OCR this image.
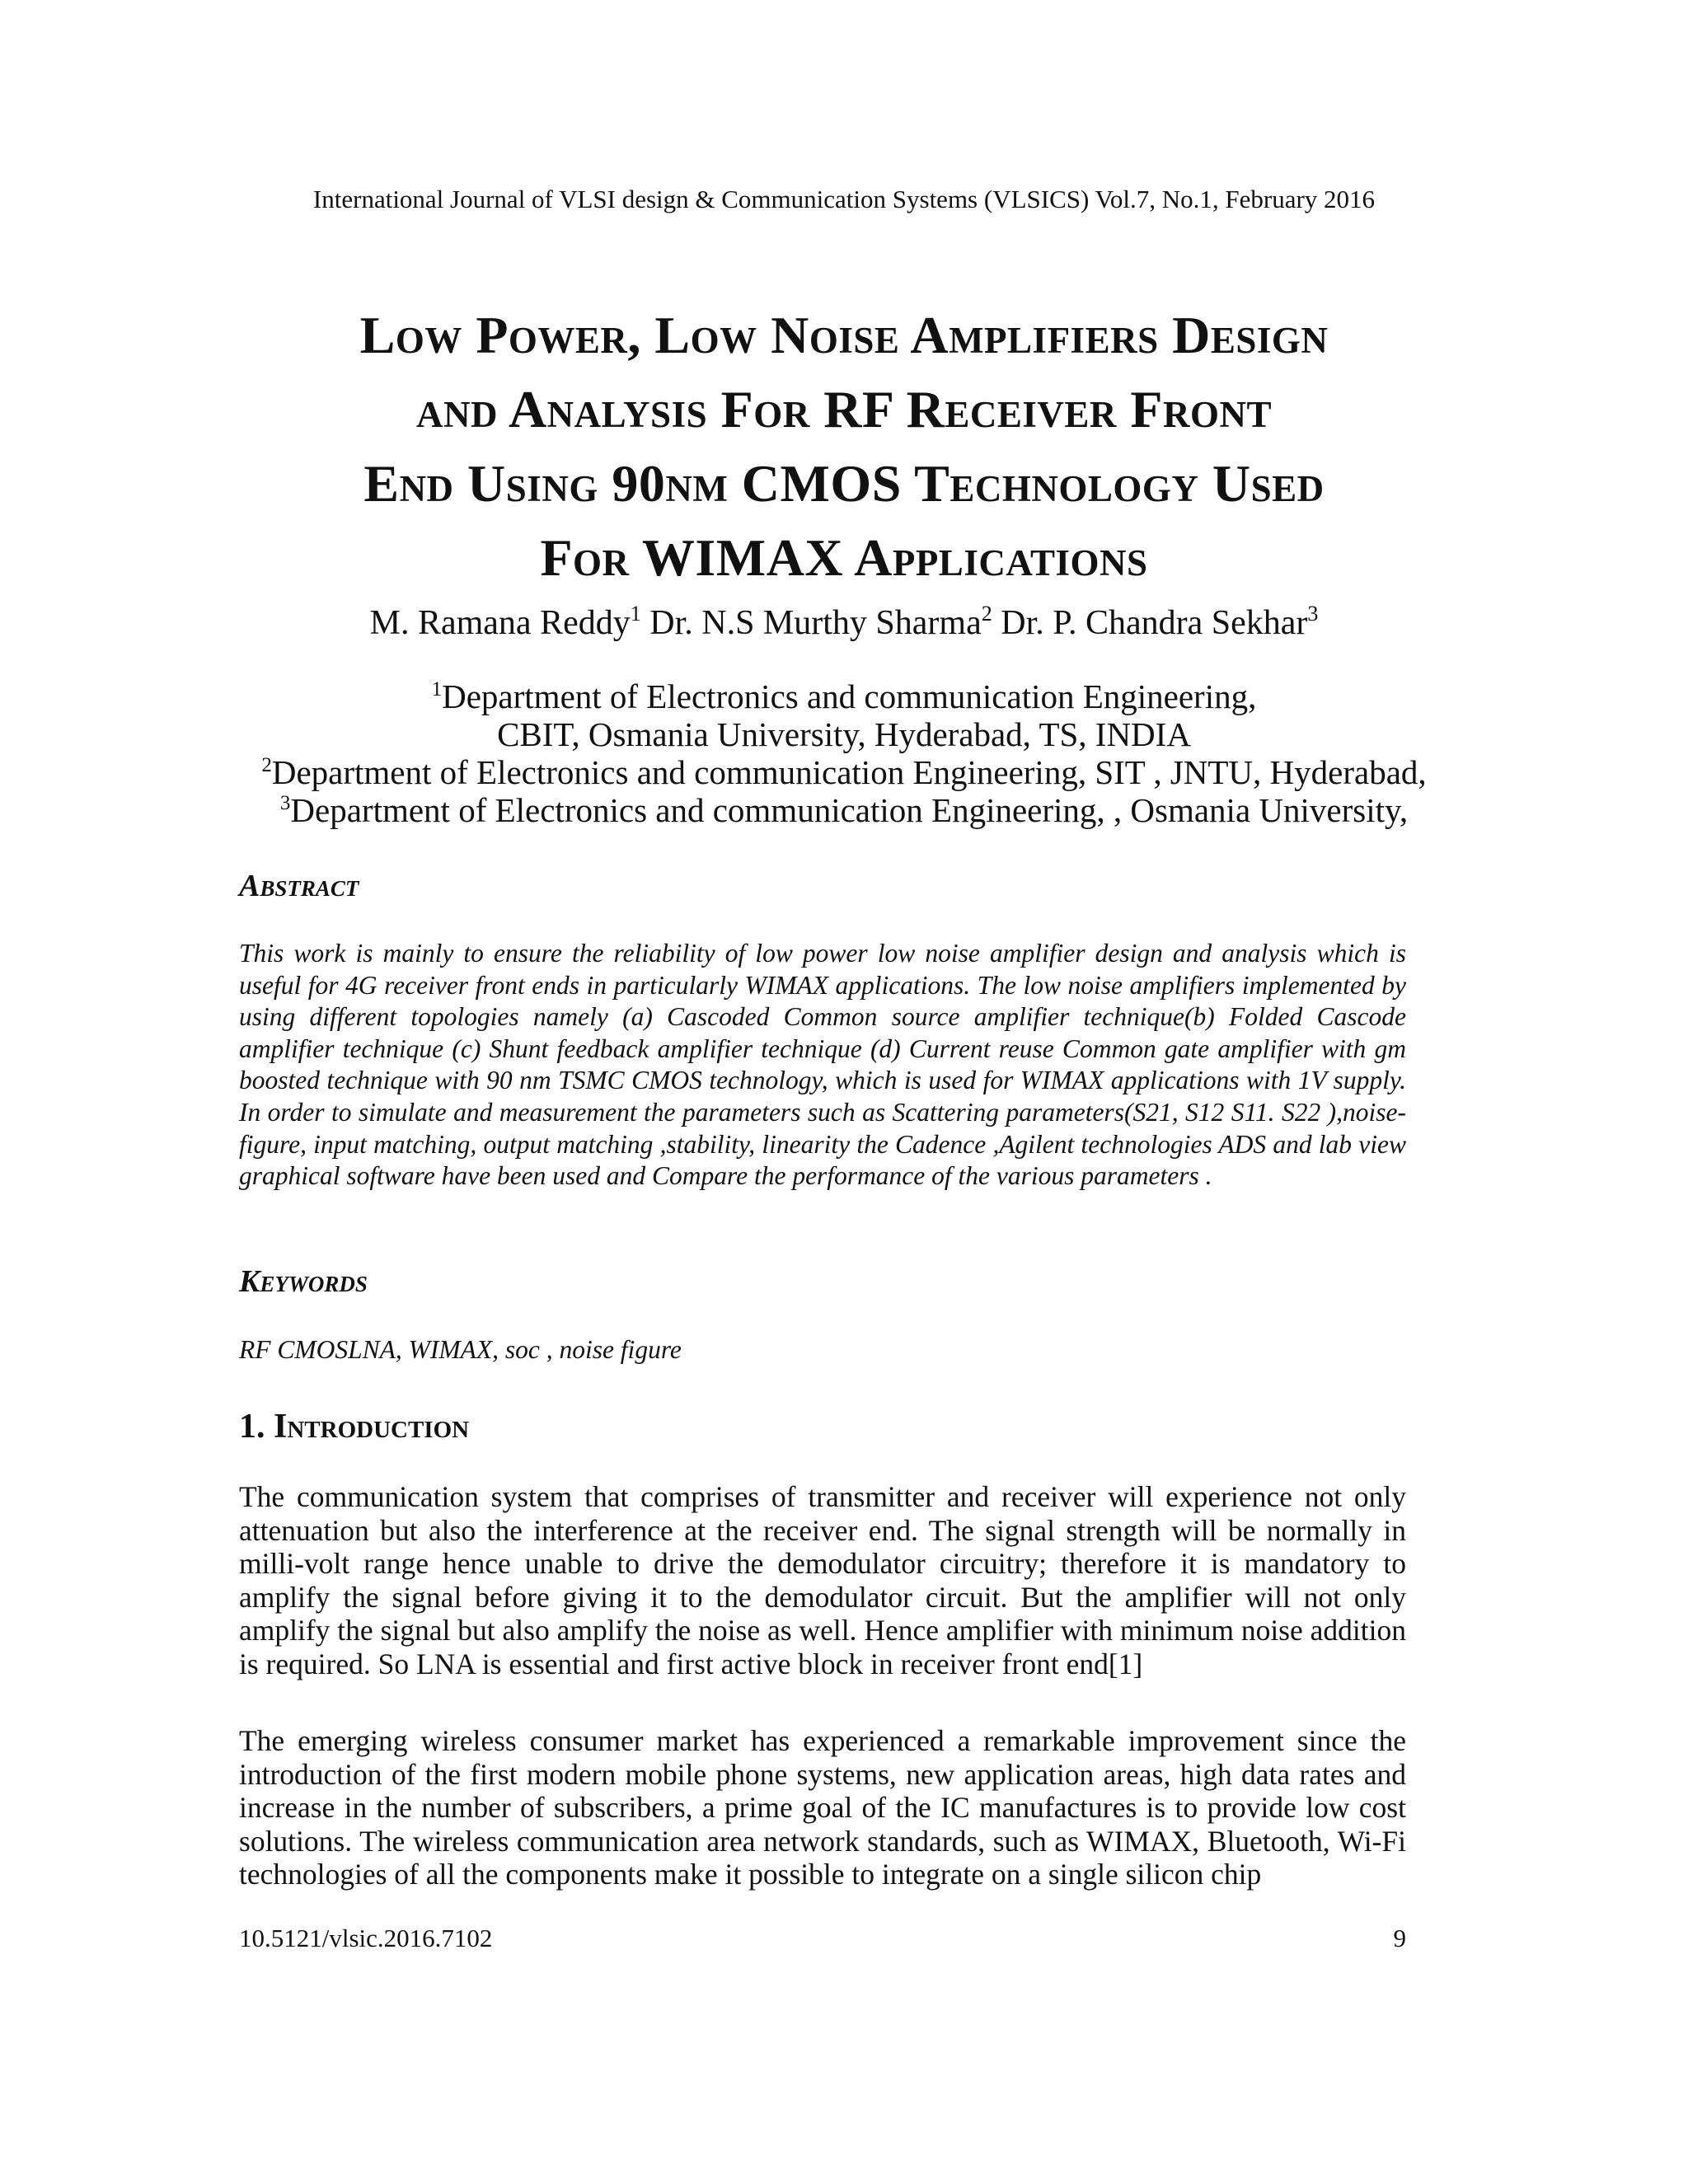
International Journal of VLSI design & Communication Systems (VLSICS) Vol.7, No.1, February 2016
Low Power, Low Noise Amplifiers Design
and Analysis For RF Receiver Front
End Using 90nm CMOS Technology Used
For WIMAX Applications
M. Ramana Reddy$^1$ Dr. N.S Murthy Sharma$^2$ Dr. P. Chandra Sekhar$^3$
$^1$Department of Electronics and communication Engineering,
CBIT, Osmania University, Hyderabad, TS, INDIA
$^2$Department of Electronics and communication Engineering, SIT , JNTU, Hyderabad,
$^3$Department of Electronics and communication Engineering, , Osmania University,
Abstract
This work is mainly to ensure the reliability of low power low noise amplifier design and analysis which is useful for 4G receiver front ends in particularly WIMAX applications. The low noise amplifiers implemented by using different topologies namely (a) Cascoded Common source amplifier technique(b) Folded Cascode amplifier technique (c) Shunt feedback amplifier technique (d) Current reuse Common gate amplifier with gm boosted technique with 90 nm TSMC CMOS technology, which is used for WIMAX applications with 1V supply. In order to simulate and measurement the parameters such as Scattering parameters(S21, S12 S11. S22 ),noise-figure, input matching, output matching ,stability, linearity the Cadence ,Agilent technologies ADS and lab view graphical software have been used and Compare the performance of the various parameters .
Keywords
RF CMOSLNA, WIMAX, soc , noise figure
1. Introduction
The communication system that comprises of transmitter and receiver will experience not only attenuation but also the interference at the receiver end. The signal strength will be normally in milli-volt range hence unable to drive the demodulator circuitry; therefore it is mandatory to amplify the signal before giving it to the demodulator circuit. But the amplifier will not only amplify the signal but also amplify the noise as well. Hence amplifier with minimum noise addition is required. So LNA is essential and first active block in receiver front end[1]
The emerging wireless consumer market has experienced a remarkable improvement since the introduction of the first modern mobile phone systems, new application areas, high data rates and increase in the number of subscribers, a prime goal of the IC manufactures is to provide low cost solutions. The wireless communication area network standards, such as WIMAX, Bluetooth, Wi-Fi technologies of all the components make it possible to integrate on a single silicon chip
10.5121/vlsic.2016.7102	9
